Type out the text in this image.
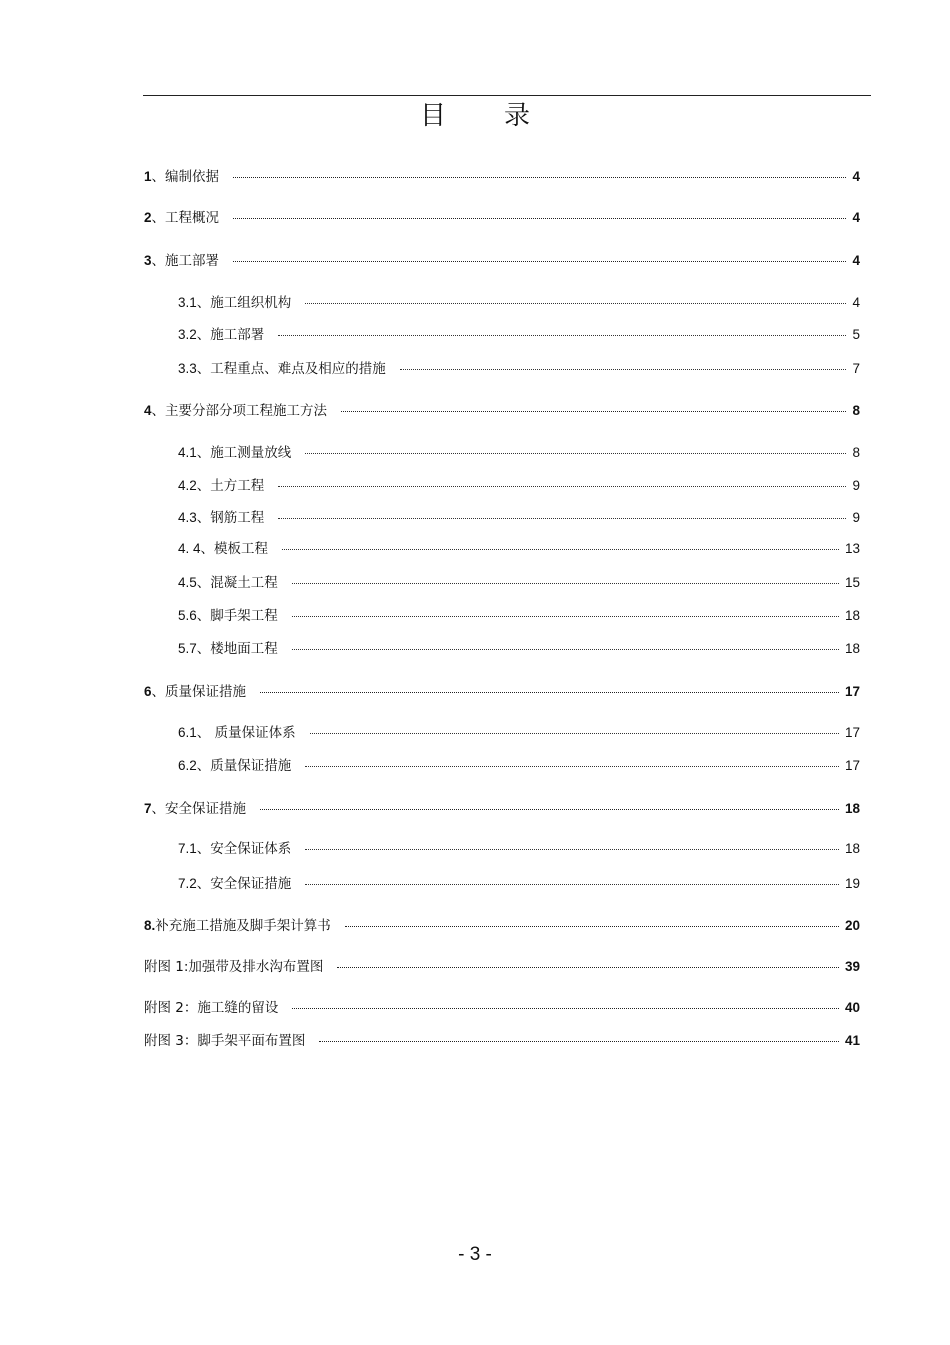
目 录
1 、编制依据	4
2 、工程概况	4
3 、施工部署	4
3.1 、施工组织机构	4
3.2 、施工部署	5
3.3 、工程重点、难点及相应的措施	7
4 、主要分部分项工程施工方法	8
4.1 、施工测量放线	8
4.2 、土方工程	9
4.3 、钢筋工程	9
4. 4 、模板工程	13
4.5 、混凝土工程	15
5.6 、脚手架工程	18
5.7 、楼地面工程	18
6 、质量保证措施	17
6.1 、 质量保证体系	17
6.2 、质量保证措施	17
7 、安全保证措施	18
7.1 、安全保证体系	18
7.2 、安全保证措施	19
8. 补充施工措施及脚手架计算书	20
附图 1:加强带及排水沟布置图	39
附图 2：施工缝的留设	40
附图 3：脚手架平面布置图	41
- 3 -
